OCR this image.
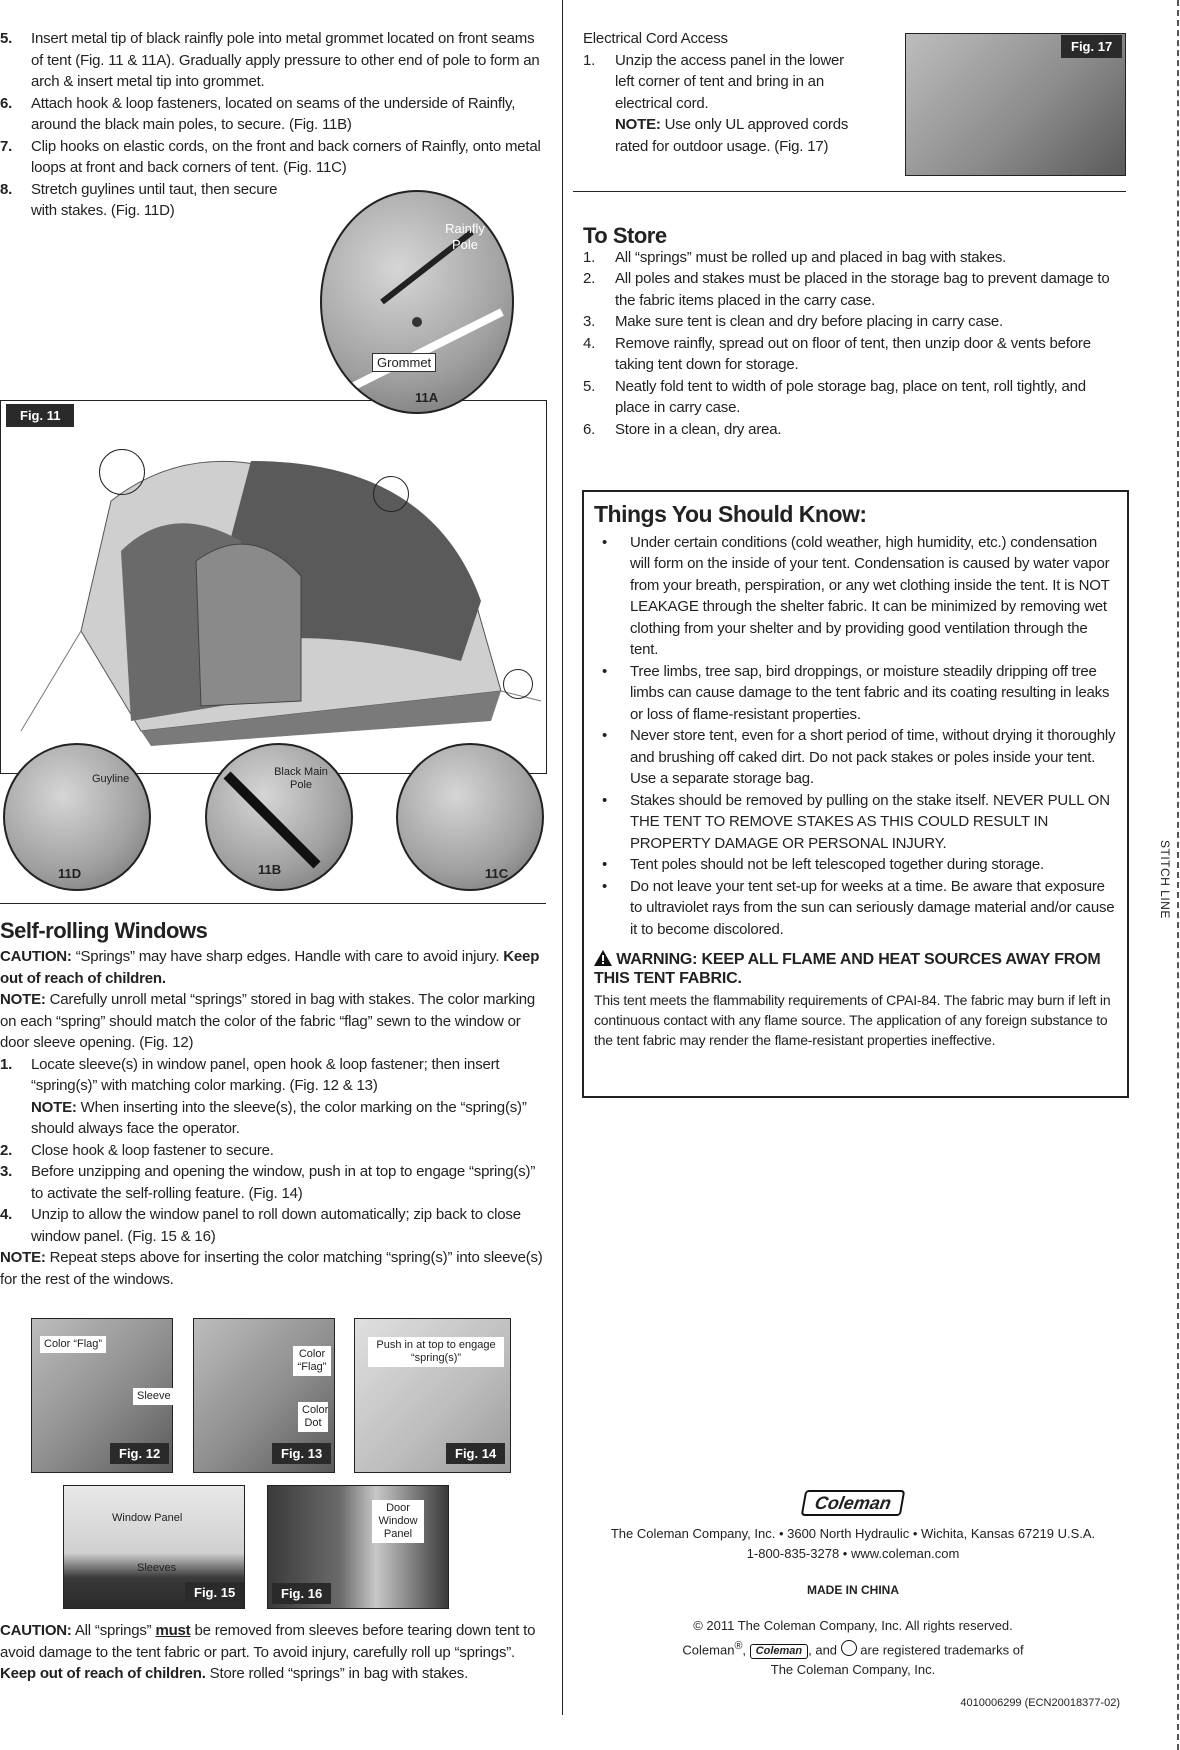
5.	Insert metal tip of black rainfly pole into metal grommet located on front seams of tent (Fig. 11 & 11A). Gradually apply pressure to other end of pole to form an arch & insert metal tip into grommet.
6.	Attach hook & loop fasteners, located on seams of the underside of Rainfly, around the black main poles, to secure. (Fig. 11B)
7.	Clip hooks on elastic cords, on the front and back corners of Rainfly, onto metal loops at front and back corners of tent. (Fig. 11C)
8.	Stretch guylines until taut, then secure with stakes. (Fig. 11D)
Fig. 11
Rainfly Pole
Grommet
11A
Guyline
11D
Black Main Pole
11B	11C
Self-rolling Windows

CAUTION: “Springs” may have sharp edges. Handle with care to avoid injury. Keep out of reach of children.

NOTE: Carefully unroll metal “springs” stored in bag with stakes. The color marking on each “spring” should match the color of the fabric “flag” sewn to the window or door sleeve opening. (Fig. 12)

1.	Locate sleeve(s) in window panel, open hook & loop fastener; then insert “spring(s)” with matching color marking. (Fig. 12 & 13)
NOTE: When inserting into the sleeve(s), the color marking on the “spring(s)” should always face the operator.
2.	Close hook & loop fastener to secure.
3.	Before unzipping and opening the window, push in at top to engage “spring(s)” to activate the self-rolling feature. (Fig. 14)
4.	Unzip to allow the window panel to roll down automatically; zip back to close window panel. (Fig. 15 & 16)

NOTE: Repeat steps above for inserting the color matching “spring(s)” into sleeve(s) for the rest of the windows.

Color “Flag”
Sleeve
Fig. 12
Color “Flag”
Color Dot
Fig. 13
Push in at top to engage “spring(s)”
Fig. 14
Window Panel
Sleeves
Fig. 15
Door Window Panel
Fig. 16

CAUTION: All “springs” must be removed from sleeves before tearing down tent to avoid damage to the tent fabric or part. To avoid injury, carefully roll up “springs”. Keep out of reach of children. Store rolled “springs” in bag with stakes.

Electrical Cord Access

1.	Unzip the access panel in the lower left corner of tent and bring in an electrical cord.
NOTE: Use only UL approved cords rated for outdoor usage. (Fig. 17)
Fig. 17
To Store
1.	All “springs” must be rolled up and placed in bag with stakes.
2.	All poles and stakes must be placed in the storage bag to prevent damage to the fabric items placed in the carry case.
3.	Make sure tent is clean and dry before placing in carry case.
4.	Remove rainfly, spread out on floor of tent, then unzip door & vents before taking tent down for storage.
5.	Neatly fold tent to width of pole storage bag, place on tent, roll tightly, and place in carry case.
6.	Store in a clean, dry area.
Things You Should Know:
•	Under certain conditions (cold weather, high humidity, etc.) condensation will form on the inside of your tent. Condensation is caused by water vapor from your breath, perspiration, or any wet clothing inside the tent. It is NOT LEAKAGE through the shelter fabric. It can be minimized by removing wet clothing from your shelter and by providing good ventilation through the tent.
•	Tree limbs, tree sap, bird droppings, or moisture steadily dripping off tree limbs can cause damage to the tent fabric and its coating resulting in leaks or loss of flame-resistant properties.
•	Never store tent, even for a short period of time, without drying it thoroughly and brushing off caked dirt. Do not pack stakes or poles inside your tent. Use a separate storage bag.
•	Stakes should be removed by pulling on the stake itself. NEVER PULL ON THE TENT TO REMOVE STAKES AS THIS COULD RESULT IN PROPERTY DAMAGE OR PERSONAL INJURY.
•	Tent poles should not be left telescoped together during storage.
•	Do not leave your tent set-up for weeks at a time. Be aware that exposure to ultraviolet rays from the sun can seriously damage material and/or cause it to become discolored.
WARNING: KEEP ALL FLAME AND HEAT SOURCES AWAY FROM THIS TENT FABRIC.

This tent meets the flammability requirements of CPAI-84. The fabric may burn if left in continuous contact with any flame source. The application of any foreign substance to the tent fabric may render the flame-resistant properties ineffective.

Coleman

The Coleman Company, Inc. • 3600 North Hydraulic • Wichita, Kansas 67219 U.S.A.

1-800-835-3278 • www.coleman.com

MADE IN CHINA

© 2011 The Coleman Company, Inc. All rights reserved.

Coleman®, Coleman , and are registered trademarks of

The Coleman Company, Inc.

4010006299 (ECN20018377-02)
STITCH LINE
